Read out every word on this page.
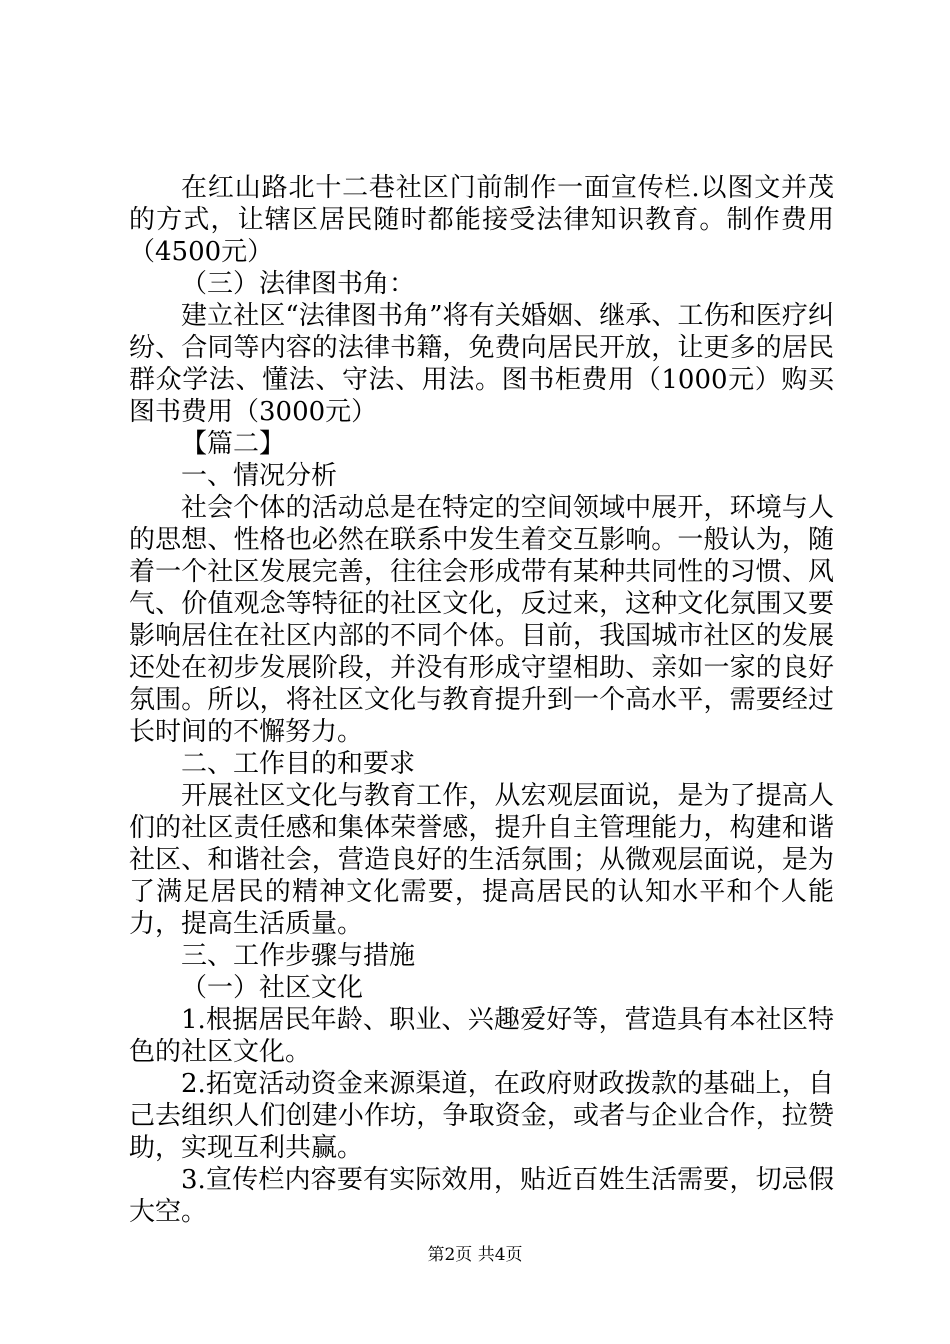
在红山路北十二巷社区门前制作一面宣传栏.以图文并茂的方式，让辖区居民随时都能接受法律知识教育。制作费用（4500元）

（三）法律图书角：

建立社区“法律图书角”将有关婚姻、继承、工伤和医疗纠纷、合同等内容的法律书籍，免费向居民开放，让更多的居民群众学法、懂法、守法、用法。图书柜费用（1000元）购买图书费用（3000元）

【篇二】

一、情况分析

社会个体的活动总是在特定的空间领域中展开，环境与人的思想、性格也必然在联系中发生着交互影响。一般认为，随着一个社区发展完善，往往会形成带有某种共同性的习惯、风气、价值观念等特征的社区文化，反过来，这种文化氛围又要影响居住在社区内部的不同个体。目前，我国城市社区的发展还处在初步发展阶段，并没有形成守望相助、亲如一家的良好氛围。所以，将社区文化与教育提升到一个高水平，需要经过长时间的不懈努力。

二、工作目的和要求

开展社区文化与教育工作，从宏观层面说，是为了提高人们的社区责任感和集体荣誉感，提升自主管理能力，构建和谐社区、和谐社会，营造良好的生活氛围；从微观层面说，是为了满足居民的精神文化需要，提高居民的认知水平和个人能力，提高生活质量。

三、工作步骤与措施

（一）社区文化

1.根据居民年龄、职业、兴趣爱好等，营造具有本社区特色的社区文化。

2.拓宽活动资金来源渠道，在政府财政拨款的基础上，自己去组织人们创建小作坊，争取资金，或者与企业合作，拉赞助，实现互利共赢。

3.宣传栏内容要有实际效用，贴近百姓生活需要，切忌假大空。

第2页 共4页
